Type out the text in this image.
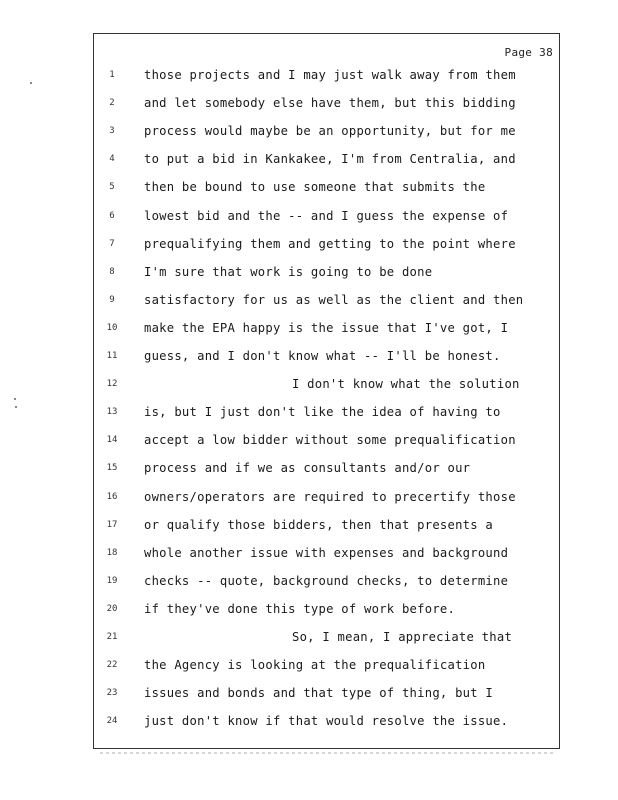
Page 38
1
2
3
4
5
6
7
8
9
10
11
12
13
14
15
16
17
18
19
20
21
22
23
24
those projects and I may just walk away from them
and let somebody else have them, but this bidding
process would maybe be an opportunity, but for me
to put a bid in Kankakee, I'm from Centralia, and
then be bound to use someone that submits the
lowest bid and the -- and I guess the expense of
prequalifying them and getting to the point where
I'm sure that work is going to be done
satisfactory for us as well as the client and then
make the EPA happy is the issue that I've got, I
guess, and I don't know what -- I'll be honest.
I don't know what the solution
is, but I just don't like the idea of having to
accept a low bidder without some prequalification
process and if we as consultants and/or our
owners/operators are required to precertify those
or qualify those bidders, then that presents a
whole another issue with expenses and background
checks -- quote, background checks, to determine
if they've done this type of work before.
So, I mean, I appreciate that
the Agency is looking at the prequalification
issues and bonds and that type of thing, but I
just don't know if that would resolve the issue.
